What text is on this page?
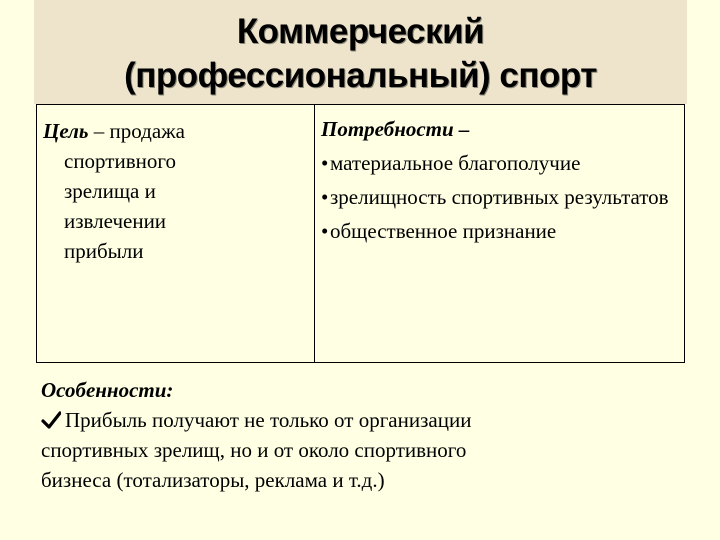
Коммерческий
(профессиональный) спорт
Цель – продажа
спортивного
зрелища и
извлечении
прибыли
Потребности –
• материальное благополучие
• зрелищность спортивных результатов
• общественное признание
Особенности:
Прибыль получают не только от организации
спортивных зрелищ, но и от около спортивного
бизнеса (тотализаторы, реклама и т.д.)
